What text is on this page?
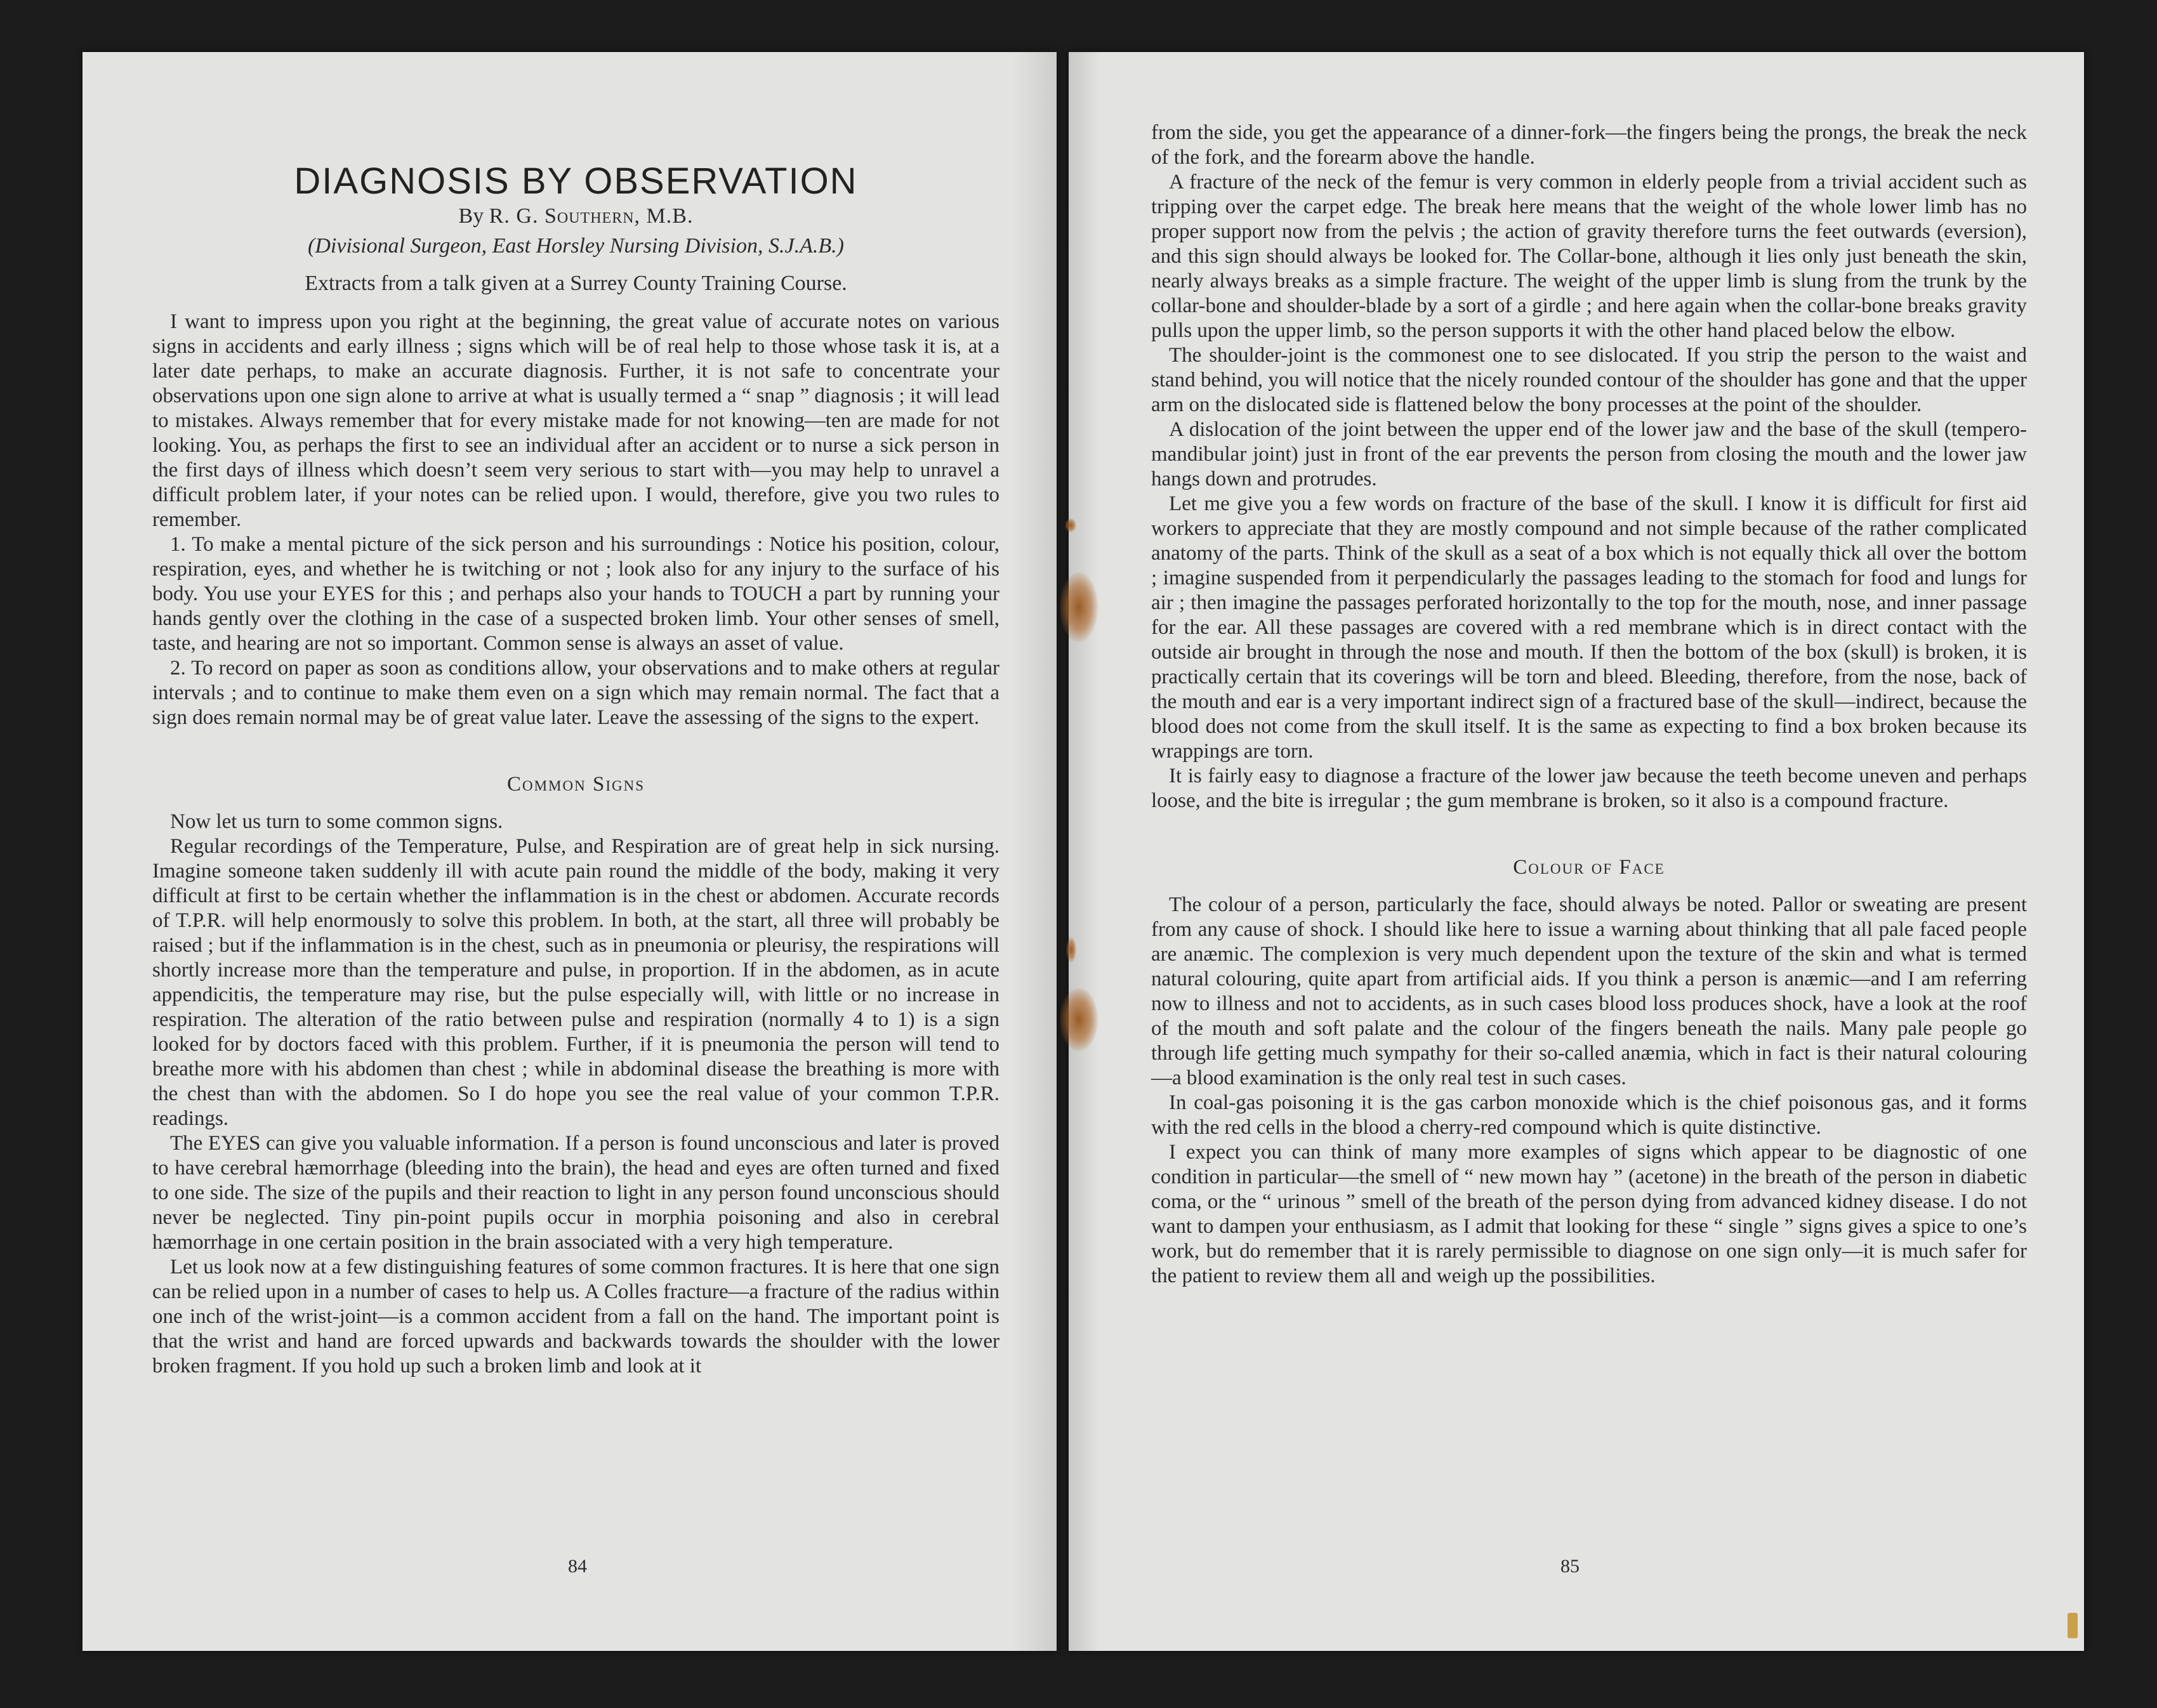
DIAGNOSIS BY OBSERVATION
By R. G. Southern, M.B.
(Divisional Surgeon, East Horsley Nursing Division, S.J.A.B.)
Extracts from a talk given at a Surrey County Training Course.

I want to impress upon you right at the beginning, the great value of accurate notes on various signs in accidents and early illness ; signs which will be of real help to those whose task it is, at a later date perhaps, to make an accurate diagnosis. Further, it is not safe to concentrate your observations upon one sign alone to arrive at what is usually termed a “ snap ” diagnosis ; it will lead to mistakes. Always remember that for every mistake made for not knowing—ten are made for not looking. You, as perhaps the first to see an individual after an accident or to nurse a sick person in the first days of illness which doesn’t seem very serious to start with—you may help to unravel a difficult problem later, if your notes can be relied upon. I would, therefore, give you two rules to remember.

1. To make a mental picture of the sick person and his surroundings : Notice his position, colour, respiration, eyes, and whether he is twitching or not ; look also for any injury to the surface of his body. You use your EYES for this ; and perhaps also your hands to TOUCH a part by running your hands gently over the clothing in the case of a suspected broken limb. Your other senses of smell, taste, and hearing are not so important. Common sense is always an asset of value.

2. To record on paper as soon as conditions allow, your observations and to make others at regular intervals ; and to continue to make them even on a sign which may remain normal. The fact that a sign does remain normal may be of great value later. Leave the assessing of the signs to the expert.

Common Signs

Now let us turn to some common signs.

Regular recordings of the Temperature, Pulse, and Respiration are of great help in sick nursing. Imagine someone taken suddenly ill with acute pain round the middle of the body, making it very difficult at first to be certain whether the inflammation is in the chest or abdomen. Accurate records of T.P.R. will help enormously to solve this problem. In both, at the start, all three will probably be raised ; but if the inflammation is in the chest, such as in pneumonia or pleurisy, the respirations will shortly increase more than the temperature and pulse, in proportion. If in the abdomen, as in acute appendicitis, the temperature may rise, but the pulse especially will, with little or no increase in respiration. The alteration of the ratio between pulse and respiration (normally 4 to 1) is a sign looked for by doctors faced with this problem. Further, if it is pneumonia the person will tend to breathe more with his abdomen than chest ; while in abdominal disease the breathing is more with the chest than with the abdomen. So I do hope you see the real value of your common T.P.R. readings.

The EYES can give you valuable information. If a person is found unconscious and later is proved to have cerebral hæmorrhage (bleeding into the brain), the head and eyes are often turned and fixed to one side. The size of the pupils and their reaction to light in any person found unconscious should never be neglected. Tiny pin-point pupils occur in morphia poisoning and also in cerebral hæmorrhage in one certain position in the brain associated with a very high temperature.

Let us look now at a few distinguishing features of some common fractures. It is here that one sign can be relied upon in a number of cases to help us. A Colles fracture—a fracture of the radius within one inch of the wrist-joint—is a common accident from a fall on the hand. The important point is that the wrist and hand are forced upwards and backwards towards the shoulder with the lower broken fragment. If you hold up such a broken limb and look at it

84

from the side, you get the appearance of a dinner-fork—the fingers being the prongs, the break the neck of the fork, and the forearm above the handle.

A fracture of the neck of the femur is very common in elderly people from a trivial accident such as tripping over the carpet edge. The break here means that the weight of the whole lower limb has no proper support now from the pelvis ; the action of gravity therefore turns the feet outwards (eversion), and this sign should always be looked for. The Collar-bone, although it lies only just beneath the skin, nearly always breaks as a simple fracture. The weight of the upper limb is slung from the trunk by the collar-bone and shoulder-blade by a sort of a girdle ; and here again when the collar-bone breaks gravity pulls upon the upper limb, so the person supports it with the other hand placed below the elbow.

The shoulder-joint is the commonest one to see dislocated. If you strip the person to the waist and stand behind, you will notice that the nicely rounded contour of the shoulder has gone and that the upper arm on the dislocated side is flattened below the bony processes at the point of the shoulder.

A dislocation of the joint between the upper end of the lower jaw and the base of the skull (tempero-mandibular joint) just in front of the ear prevents the person from closing the mouth and the lower jaw hangs down and protrudes.

Let me give you a few words on fracture of the base of the skull. I know it is difficult for first aid workers to appreciate that they are mostly compound and not simple because of the rather complicated anatomy of the parts. Think of the skull as a seat of a box which is not equally thick all over the bottom ; imagine suspended from it perpendicularly the passages leading to the stomach for food and lungs for air ; then imagine the passages perforated horizontally to the top for the mouth, nose, and inner passage for the ear. All these passages are covered with a red membrane which is in direct contact with the outside air brought in through the nose and mouth. If then the bottom of the box (skull) is broken, it is practically certain that its coverings will be torn and bleed. Bleeding, therefore, from the nose, back of the mouth and ear is a very important indirect sign of a fractured base of the skull—indirect, because the blood does not come from the skull itself. It is the same as expecting to find a box broken because its wrappings are torn.

It is fairly easy to diagnose a fracture of the lower jaw because the teeth become uneven and perhaps loose, and the bite is irregular ; the gum membrane is broken, so it also is a compound fracture.

Colour of Face

The colour of a person, particularly the face, should always be noted. Pallor or sweating are present from any cause of shock. I should like here to issue a warning about thinking that all pale faced people are anæmic. The complexion is very much dependent upon the texture of the skin and what is termed natural colouring, quite apart from artificial aids. If you think a person is anæmic—and I am referring now to illness and not to accidents, as in such cases blood loss produces shock, have a look at the roof of the mouth and soft palate and the colour of the fingers beneath the nails. Many pale people go through life getting much sympathy for their so-called anæmia, which in fact is their natural colouring—a blood examination is the only real test in such cases.

In coal-gas poisoning it is the gas carbon monoxide which is the chief poisonous gas, and it forms with the red cells in the blood a cherry-red compound which is quite distinctive.

I expect you can think of many more examples of signs which appear to be diagnostic of one condition in particular—the smell of “ new mown hay ” (acetone) in the breath of the person in diabetic coma, or the “ urinous ” smell of the breath of the person dying from advanced kidney disease. I do not want to dampen your enthusiasm, as I admit that looking for these “ single ” signs gives a spice to one’s work, but do remember that it is rarely permissible to diagnose on one sign only—it is much safer for the patient to review them all and weigh up the possibilities.

85
